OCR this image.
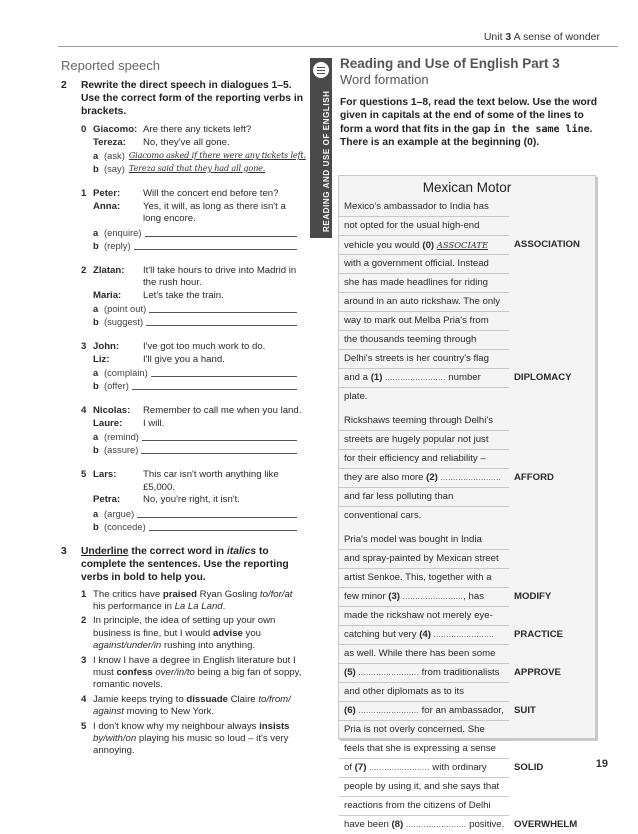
Unit 3 A sense of wonder
Reported speech
2 Rewrite the direct speech in dialogues 1–5. Use the correct form of the reporting verbs in brackets.
0 Giacomo: Are there any tickets left?
Tereza:	No, they've all gone.
a (ask) Giacomo asked if there were any tickets left.
b (say) Tereza said that they had all gone.
1 Peter:	Will the concert end before ten?
Anna:	Yes, it will, as long as there isn't a long encore.
a (enquire)
b (reply)
2 Zlatan:	It'll take hours to drive into Madrid in the rush hour.
Maria:	Let's take the train.
a (point out)
b (suggest)
3 John:	I've got too much work to do.
Liz:	I'll give you a hand.
a (complain)
b (offer)
4 Nicolas:	Remember to call me when you land.
Laure:	I will.
a (remind)
b (assure)
5 Lars:	This car isn't worth anything like £5,000.
Petra:	No, you're right, it isn't.
a (argue)
b (concede)
3 Underline the correct word in italics to complete the sentences. Use the reporting verbs in bold to help you.
1 The critics have praised Ryan Gosling to/for/at his performance in La La Land.
2 In principle, the idea of setting up your own business is fine, but I would advise you against/under/in rushing into anything.
3 I know I have a degree in English literature but I must confess over/in/to being a big fan of soppy, romantic novels.
4 Jamie keeps trying to dissuade Claire to/from/ against moving to New York.
5 I don't know why my neighbour always insists by/with/on playing his music so loud – it's very annoying.
READING AND USE OF ENGLISH
Reading and Use of English Part 3
Word formation
For questions 1–8, read the text below. Use the word given in capitals at the end of some of the lines to form a word that fits in the gap in the same line. There is an example at the beginning (0).
Mexican Motor
Mexico's ambassador to India has
not opted for the usual high-end
vehicle you would (0) ASSOCIATE	ASSOCIATION
with a government official. Instead
she has made headlines for riding
around in an auto rickshaw. The only
way to mark out Melba Pria's from
the thousands teeming through
Delhi's streets is her country's flag
and a (1) ........................ number	DIPLOMACY
plate.
Rickshaws teeming through Delhi's
streets are hugely popular not just
for their efficiency and reliability –
they are also more (2) ........................ AFFORD
and far less polluting than
conventional cars.
Pria's model was bought in India
and spray-painted by Mexican street
artist Senkoe. This, together with a
few minor (3) ........................, has	MODIFY
made the rickshaw not merely eye-
catching but very (4) ........................ PRACTICE
as well. While there has been some
(5) ........................ from traditionalists APPROVE
and other diplomats as to its
(6) ........................ for an ambassador, SUIT
Pria is not overly concerned. She
feels that she is expressing a sense
of (7) ........................ with ordinary	SOLID
people by using it, and she says that
reactions from the citizens of Delhi
have been (8) ........................ positive. OVERWHELM
19
